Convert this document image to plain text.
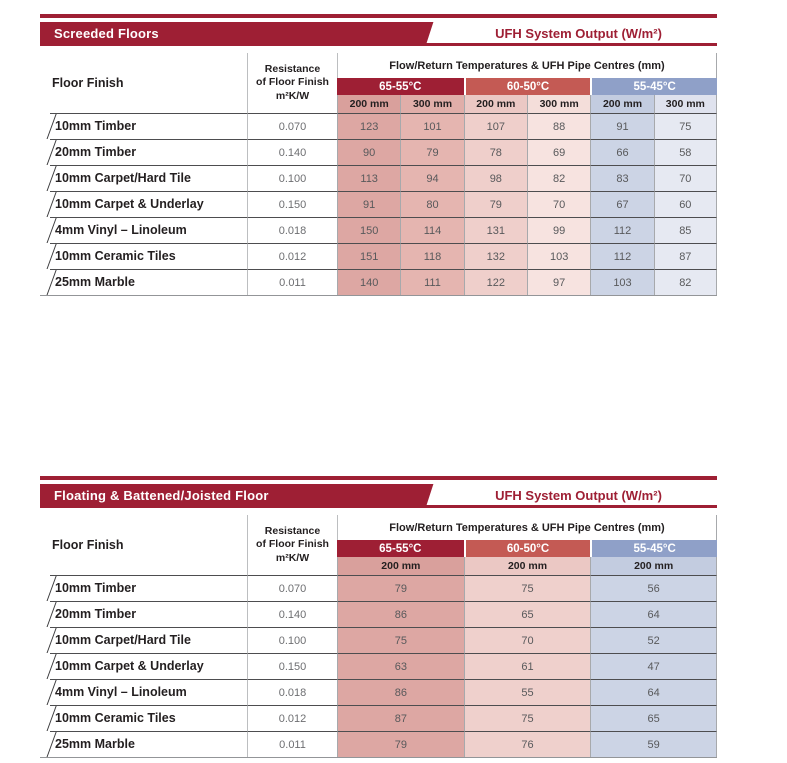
Screeded Floors	UFH System Output (W/m²)
Floor Finish
Resistance
of Floor Finish
m²K/W
Flow/Return Temperatures & UFH Pipe Centres (mm)
65-55°C	60-50°C	55-45°C
200 mm	300 mm	200 mm	300 mm	200 mm	300 mm
10mm Timber	0.070	123	101	107	88	91	75
20mm Timber	0.140	90	79	78	69	66	58
10mm Carpet/Hard Tile	0.100	113	94	98	82	83	70
10mm Carpet & Underlay	0.150	91	80	79	70	67	60
4mm Vinyl – Linoleum	0.018	150	114	131	99	112	85
10mm Ceramic Tiles	0.012	151	118	132	103	112	87
25mm Marble	0.011	140	111	122	97	103	82
Floating & Battened/Joisted Floor	UFH System Output (W/m²)
Floor Finish
Resistance
of Floor Finish
m²K/W
Flow/Return Temperatures & UFH Pipe Centres (mm)
65-55°C	60-50°C	55-45°C
200 mm	200 mm	200 mm
10mm Timber	0.070	79	75	56
20mm Timber	0.140	86	65	64
10mm Carpet/Hard Tile	0.100	75	70	52
10mm Carpet & Underlay	0.150	63	61	47
4mm Vinyl – Linoleum	0.018	86	55	64
10mm Ceramic Tiles	0.012	87	75	65
25mm Marble	0.011	79	76	59
